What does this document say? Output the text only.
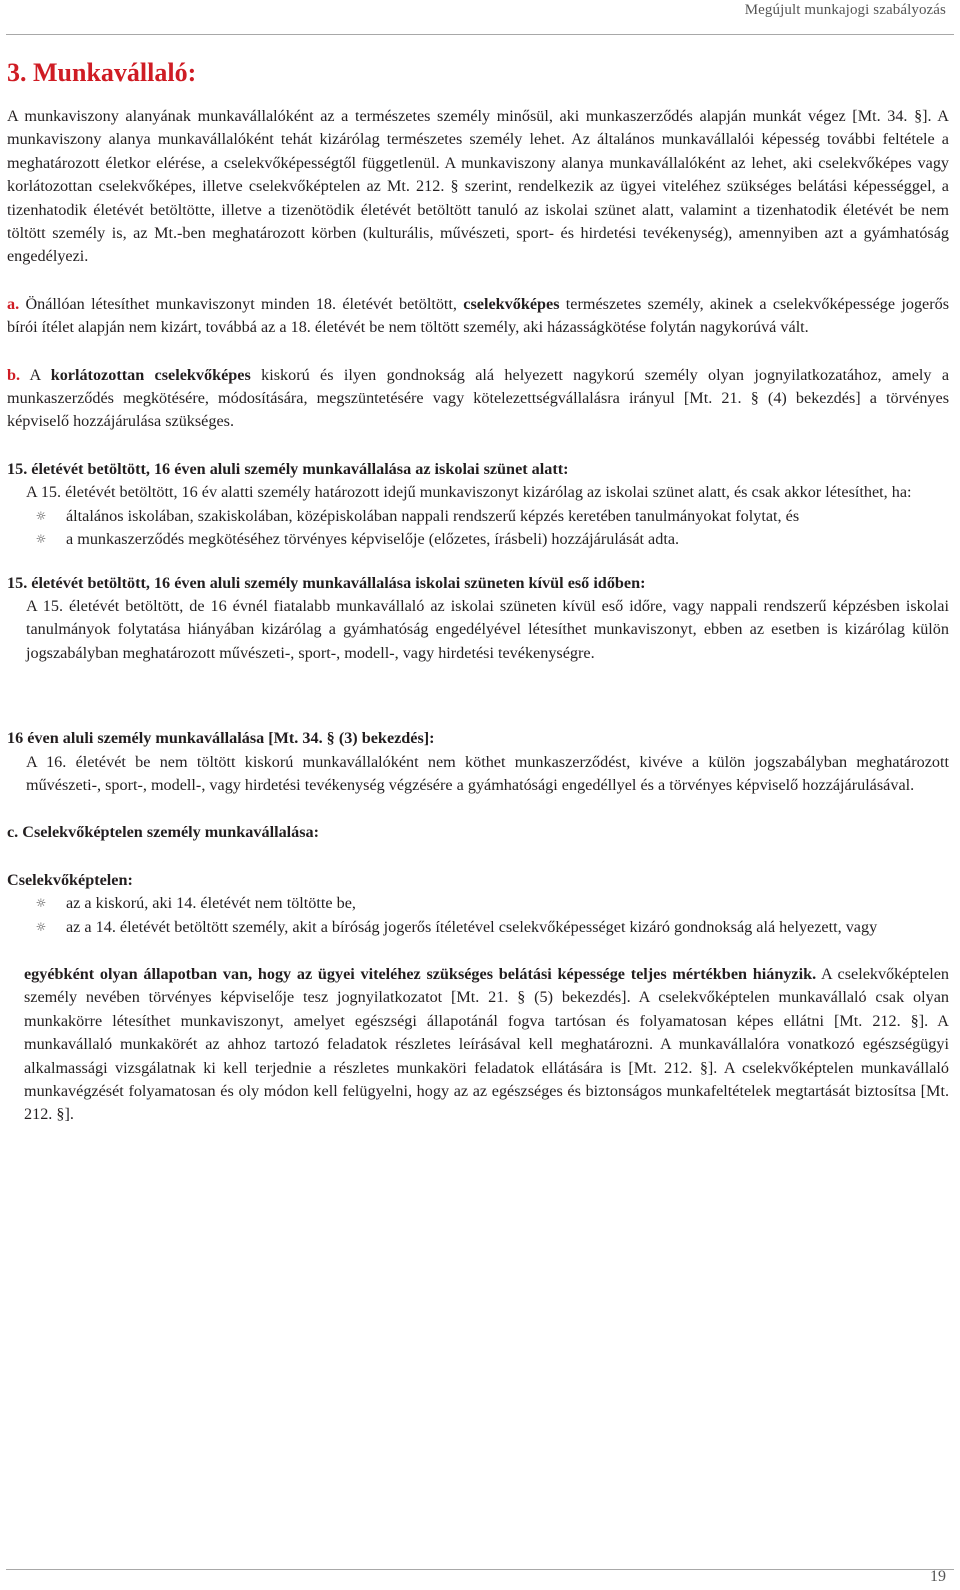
Megújult munkajogi szabályozás
3. Munkavállaló:

A munkaviszony alanyának munkavállalóként az a természetes személy minősül, aki munkaszerződés alapján munkát végez [Mt. 34. §]. A munkaviszony alanya munkavállalóként tehát kizárólag természetes személy lehet. Az általános munkavállalói képesség további feltétele a meghatározott életkor elérése, a cselekvőképességtől függetlenül. A munkaviszony alanya munkavállalóként az lehet, aki cselekvőképes vagy korlátozottan cselekvőképes, illetve cselekvőképtelen az Mt. 212. § szerint, rendelkezik az ügyei viteléhez szükséges belátási képességgel, a tizenhatodik életévét betöltötte, illetve a tizenötödik életévét betöltött tanuló az iskolai szünet alatt, valamint a tizenhatodik életévét be nem töltött személy is, az Mt.-ben meghatározott körben (kulturális, művészeti, sport- és hirdetési tevékenység), amennyiben azt a gyámhatóság engedélyezi.

a. Önállóan létesíthet munkaviszonyt minden 18. életévét betöltött, cselekvőképes természetes személy, akinek a cselekvőképessége jogerős bírói ítélet alapján nem kizárt, továbbá az a 18. életévét be nem töltött személy, aki házasságkötése folytán nagykorúvá vált.

b. A korlátozottan cselekvőképes kiskorú és ilyen gondnokság alá helyezett nagykorú személy olyan jognyilatkozatához, amely a munkaszerződés megkötésére, módosítására, megszüntetésére vagy kötelezettségvállalásra irányul [Mt. 21. § (4) bekezdés] a törvényes képviselő hozzájárulása szükséges.

15. életévét betöltött, 16 éven aluli személy munkavállalása az iskolai szünet alatt:

A 15. életévét betöltött, 16 év alatti személy határozott idejű munkaviszonyt kizárólag az iskolai szünet alatt, és csak akkor létesíthet, ha:

☼ általános iskolában, szakiskolában, középiskolában nappali rendszerű képzés keretében tanulmányokat folytat, és
☼ a munkaszerződés megkötéséhez törvényes képviselője (előzetes, írásbeli) hozzájárulását adta.

15. életévét betöltött, 16 éven aluli személy munkavállalása iskolai szüneten kívül eső időben:

A 15. életévét betöltött, de 16 évnél fiatalabb munkavállaló az iskolai szüneten kívül eső időre, vagy nappali rendszerű képzésben iskolai tanulmányok folytatása hiányában kizárólag a gyámhatóság engedélyével létesíthet munkaviszonyt, ebben az esetben is kizárólag külön jogszabályban meghatározott művészeti-, sport-, modell-, vagy hirdetési tevékenységre.

16 éven aluli személy munkavállalása [Mt. 34. § (3) bekezdés]:

A 16. életévét be nem töltött kiskorú munkavállalóként nem köthet munkaszerződést, kivéve a külön jogszabályban meghatározott művészeti-, sport-, modell-, vagy hirdetési tevékenység végzésére a gyámhatósági engedéllyel és a törvényes képviselő hozzájárulásával.

c. Cselekvőképtelen személy munkavállalása:

Cselekvőképtelen:

☼ az a kiskorú, aki 14. életévét nem töltötte be,
☼ az a 14. életévét betöltött személy, akit a bíróság jogerős ítéletével cselekvőképességet kizáró gondnokság alá helyezett, vagy

egyébként olyan állapotban van, hogy az ügyei viteléhez szükséges belátási képessége teljes mértékben hiányzik. A cselekvőképtelen személy nevében törvényes képviselője tesz jognyilatkozatot [Mt. 21. § (5) bekezdés]. A cselekvőképtelen munkavállaló csak olyan munkakörre létesíthet munkaviszonyt, amelyet egészségi állapotánál fogva tartósan és folyamatosan képes ellátni [Mt. 212. §]. A munkavállaló munkakörét az ahhoz tartozó feladatok részletes leírásával kell meghatározni. A munkavállalóra vonatkozó egészségügyi alkalmassági vizsgálatnak ki kell terjednie a részletes munkaköri feladatok ellátására is [Mt. 212. §]. A cselekvőképtelen munkavállaló munkavégzését folyamatosan és oly módon kell felügyelni, hogy az az egészséges és biztonságos munkafeltételek megtartását biztosítsa [Mt. 212. §].

19
